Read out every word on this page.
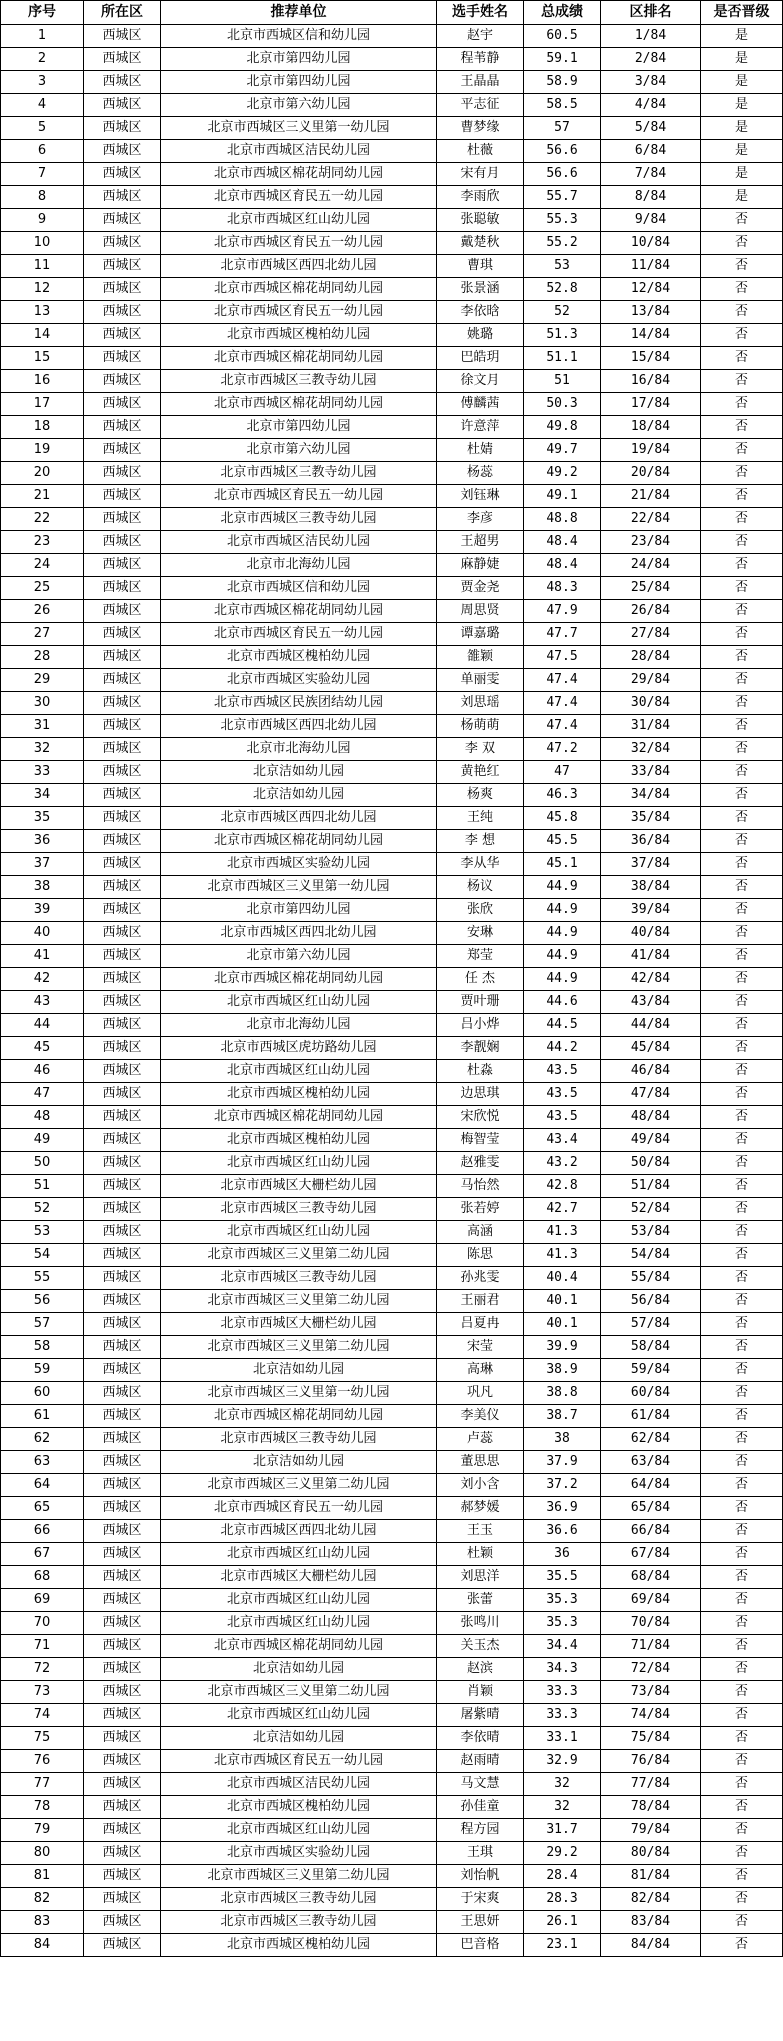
序号	所在区	推荐单位	选手姓名	总成绩	区排名	是否晋级
1	西城区	北京市西城区信和幼儿园	赵宇	60.5	1/84	是
2	西城区	北京市第四幼儿园	程苇静	59.1	2/84	是
3	西城区	北京市第四幼儿园	王晶晶	58.9	3/84	是
4	西城区	北京市第六幼儿园	平志征	58.5	4/84	是
5	西城区	北京市西城区三义里第一幼儿园	曹梦缘	57	5/84	是
6	西城区	北京市西城区洁民幼儿园	杜薇	56.6	6/84	是
7	西城区	北京市西城区棉花胡同幼儿园	宋有月	56.6	7/84	是
8	西城区	北京市西城区育民五一幼儿园	李雨欣	55.7	8/84	是
9	西城区	北京市西城区红山幼儿园	张聪敏	55.3	9/84	否
10	西城区	北京市西城区育民五一幼儿园	戴楚秋	55.2	10/84	否
11	西城区	北京市西城区西四北幼儿园	曹琪	53	11/84	否
12	西城区	北京市西城区棉花胡同幼儿园	张景涵	52.8	12/84	否
13	西城区	北京市西城区育民五一幼儿园	李依晗	52	13/84	否
14	西城区	北京市西城区槐柏幼儿园	姚璐	51.3	14/84	否
15	西城区	北京市西城区棉花胡同幼儿园	巴皓玥	51.1	15/84	否
16	西城区	北京市西城区三教寺幼儿园	徐文月	51	16/84	否
17	西城区	北京市西城区棉花胡同幼儿园	傅麟茜	50.3	17/84	否
18	西城区	北京市第四幼儿园	许意萍	49.8	18/84	否
19	西城区	北京市第六幼儿园	杜婧	49.7	19/84	否
20	西城区	北京市西城区三教寺幼儿园	杨蕊	49.2	20/84	否
21	西城区	北京市西城区育民五一幼儿园	刘钰琳	49.1	21/84	否
22	西城区	北京市西城区三教寺幼儿园	李彦	48.8	22/84	否
23	西城区	北京市西城区洁民幼儿园	王超男	48.4	23/84	否
24	西城区	北京市北海幼儿园	麻静婕	48.4	24/84	否
25	西城区	北京市西城区信和幼儿园	贾金尧	48.3	25/84	否
26	西城区	北京市西城区棉花胡同幼儿园	周思贤	47.9	26/84	否
27	西城区	北京市西城区育民五一幼儿园	谭嘉璐	47.7	27/84	否
28	西城区	北京市西城区槐柏幼儿园	雒颖	47.5	28/84	否
29	西城区	北京市西城区实验幼儿园	单丽雯	47.4	29/84	否
30	西城区	北京市西城区民族团结幼儿园	刘思瑶	47.4	30/84	否
31	西城区	北京市西城区西四北幼儿园	杨萌萌	47.4	31/84	否
32	西城区	北京市北海幼儿园	李 双	47.2	32/84	否
33	西城区	北京洁如幼儿园	黄艳红	47	33/84	否
34	西城区	北京洁如幼儿园	杨爽	46.3	34/84	否
35	西城区	北京市西城区西四北幼儿园	王纯	45.8	35/84	否
36	西城区	北京市西城区棉花胡同幼儿园	李 想	45.5	36/84	否
37	西城区	北京市西城区实验幼儿园	李从华	45.1	37/84	否
38	西城区	北京市西城区三义里第一幼儿园	杨议	44.9	38/84	否
39	西城区	北京市第四幼儿园	张欣	44.9	39/84	否
40	西城区	北京市西城区西四北幼儿园	安琳	44.9	40/84	否
41	西城区	北京市第六幼儿园	郑莹	44.9	41/84	否
42	西城区	北京市西城区棉花胡同幼儿园	任 杰	44.9	42/84	否
43	西城区	北京市西城区红山幼儿园	贾叶珊	44.6	43/84	否
44	西城区	北京市北海幼儿园	吕小烨	44.5	44/84	否
45	西城区	北京市西城区虎坊路幼儿园	李靓娴	44.2	45/84	否
46	西城区	北京市西城区红山幼儿园	杜淼	43.5	46/84	否
47	西城区	北京市西城区槐柏幼儿园	边思琪	43.5	47/84	否
48	西城区	北京市西城区棉花胡同幼儿园	宋欣悦	43.5	48/84	否
49	西城区	北京市西城区槐柏幼儿园	梅智莹	43.4	49/84	否
50	西城区	北京市西城区红山幼儿园	赵雅雯	43.2	50/84	否
51	西城区	北京市西城区大栅栏幼儿园	马怡然	42.8	51/84	否
52	西城区	北京市西城区三教寺幼儿园	张若婷	42.7	52/84	否
53	西城区	北京市西城区红山幼儿园	高涵	41.3	53/84	否
54	西城区	北京市西城区三义里第二幼儿园	陈思	41.3	54/84	否
55	西城区	北京市西城区三教寺幼儿园	孙兆雯	40.4	55/84	否
56	西城区	北京市西城区三义里第二幼儿园	王丽君	40.1	56/84	否
57	西城区	北京市西城区大栅栏幼儿园	吕夏冉	40.1	57/84	否
58	西城区	北京市西城区三义里第二幼儿园	宋莹	39.9	58/84	否
59	西城区	北京洁如幼儿园	高琳	38.9	59/84	否
60	西城区	北京市西城区三义里第一幼儿园	巩凡	38.8	60/84	否
61	西城区	北京市西城区棉花胡同幼儿园	李美仪	38.7	61/84	否
62	西城区	北京市西城区三教寺幼儿园	卢蕊	38	62/84	否
63	西城区	北京洁如幼儿园	董思思	37.9	63/84	否
64	西城区	北京市西城区三义里第二幼儿园	刘小含	37.2	64/84	否
65	西城区	北京市西城区育民五一幼儿园	郝梦媛	36.9	65/84	否
66	西城区	北京市西城区西四北幼儿园	王玉	36.6	66/84	否
67	西城区	北京市西城区红山幼儿园	杜颖	36	67/84	否
68	西城区	北京市西城区大栅栏幼儿园	刘思洋	35.5	68/84	否
69	西城区	北京市西城区红山幼儿园	张蕾	35.3	69/84	否
70	西城区	北京市西城区红山幼儿园	张鸣川	35.3	70/84	否
71	西城区	北京市西城区棉花胡同幼儿园	关玉杰	34.4	71/84	否
72	西城区	北京洁如幼儿园	赵滨	34.3	72/84	否
73	西城区	北京市西城区三义里第二幼儿园	肖颖	33.3	73/84	否
74	西城区	北京市西城区红山幼儿园	屠紫晴	33.3	74/84	否
75	西城区	北京洁如幼儿园	李依晴	33.1	75/84	否
76	西城区	北京市西城区育民五一幼儿园	赵雨晴	32.9	76/84	否
77	西城区	北京市西城区洁民幼儿园	马文慧	32	77/84	否
78	西城区	北京市西城区槐柏幼儿园	孙佳童	32	78/84	否
79	西城区	北京市西城区红山幼儿园	程方园	31.7	79/84	否
80	西城区	北京市西城区实验幼儿园	王琪	29.2	80/84	否
81	西城区	北京市西城区三义里第二幼儿园	刘怡帆	28.4	81/84	否
82	西城区	北京市西城区三教寺幼儿园	于宋爽	28.3	82/84	否
83	西城区	北京市西城区三教寺幼儿园	王思妍	26.1	83/84	否
84	西城区	北京市西城区槐柏幼儿园	巴音格	23.1	84/84	否
